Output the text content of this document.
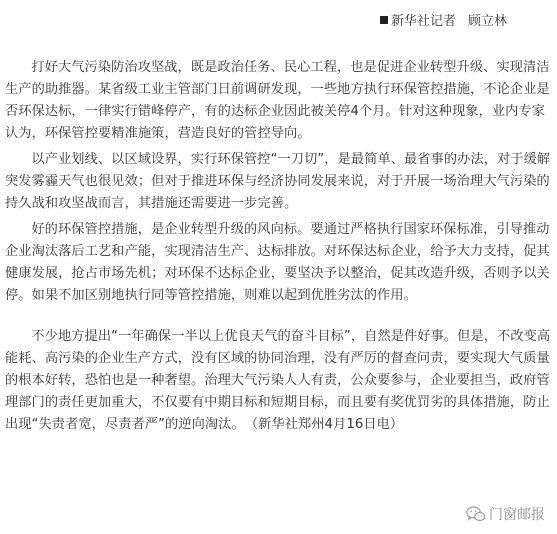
新华社记者 顾立林

打好大气污染防治攻坚战，既是政治任务、民心工程，也是促进企业转型升级、实现清洁生产的助推器。某省级工业主管部门日前调研发现，一些地方执行环保管控措施，不论企业是否环保达标，一律实行错峰停产，有的达标企业因此被关停4个月。针对这种现象，业内专家认为，环保管控要精准施策，营造良好的管控导向。

以产业划线、以区域设界，实行环保管控“一刀切”，是最简单、最省事的办法，对于缓解突发雾霾天气也很见效；但对于推进环保与经济协同发展来说，对于开展一场治理大气污染的持久战和攻坚战而言，其措施还需要进一步完善。

好的环保管控措施，是企业转型升级的风向标。要通过严格执行国家环保标准，引导推动企业淘汰落后工艺和产能，实现清洁生产、达标排放。对环保达标企业，给予大力支持，促其健康发展，抢占市场先机；对环保不达标企业，要坚决予以整治，促其改造升级，否则予以关停。如果不加区别地执行同等管控措施，则难以起到优胜劣汰的作用。

不少地方提出“一年确保一半以上优良天气的奋斗目标”，自然是件好事。但是，不改变高能耗、高污染的企业生产方式，没有区域的协同治理，没有严厉的督查问责，要实现大气质量的根本好转，恐怕也是一种奢望。治理大气污染人人有责，公众要参与，企业要担当，政府管理部门的责任更加重大，不仅要有中期目标和短期目标，而且要有奖优罚劣的具体措施，防止出现“失责者宽，尽责者严”的逆向淘汰。　（新华社郑州4月16日电）

门窗邮报
